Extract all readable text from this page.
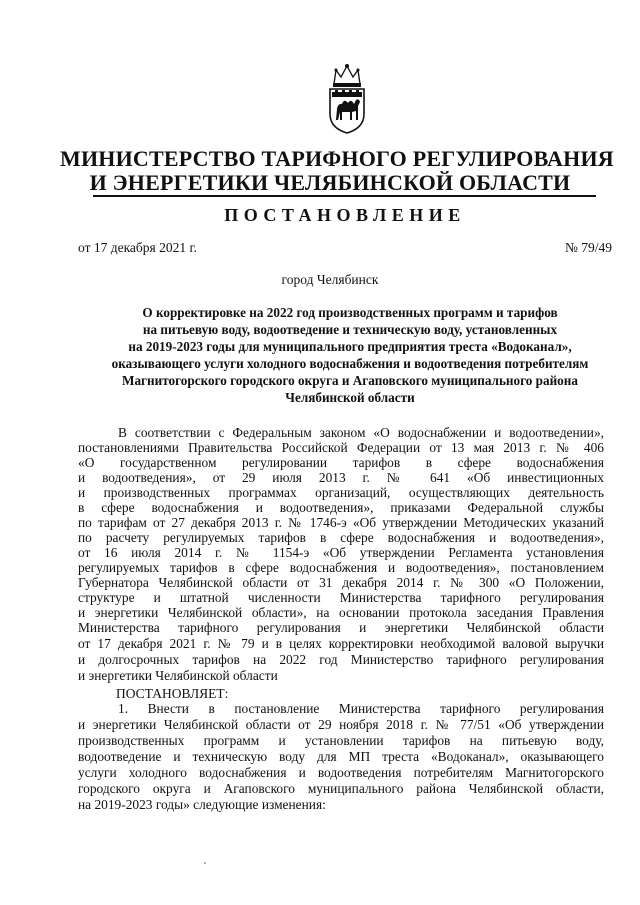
МИНИСТЕРСТВО ТАРИФНОГО РЕГУЛИРОВАНИЯ
И ЭНЕРГЕТИКИ ЧЕЛЯБИНСКОЙ ОБЛАСТИ
ПОСТАНОВЛЕНИЕ
от 17 декабря 2021 г.	№ 79/49
город Челябинск
О корректировке на 2022 год производственных программ и тарифов
на питьевую воду, водоотведение и техническую воду, установленных
на 2019-2023 годы для муниципального предприятия треста «Водоканал»,
оказывающего услуги холодного водоснабжения и водоотведения потребителям
Магнитогорского городского округа и Агаповского муниципального района
Челябинской области
В соответствии с Федеральным законом «О водоснабжении и водоотведении»,
постановлениями Правительства Российской Федерации от 13 мая 2013 г. № 406
«О государственном регулировании тарифов в сфере водоснабжения
и водоотведения», от 29 июля 2013 г. № 641 «Об инвестиционных
и производственных программах организаций, осуществляющих деятельность
в сфере водоснабжения и водоотведения», приказами Федеральной службы
по тарифам от 27 декабря 2013 г. № 1746-э «Об утверждении Методических указаний
по расчету регулируемых тарифов в сфере водоснабжения и водоотведения»,
от 16 июля 2014 г. № 1154-э «Об утверждении Регламента установления
регулируемых тарифов в сфере водоснабжения и водоотведения», постановлением
Губернатора Челябинской области от 31 декабря 2014 г. № 300 «О Положении,
структуре и штатной численности Министерства тарифного регулирования
и энергетики Челябинской области», на основании протокола заседания Правления
Министерства тарифного регулирования и энергетики Челябинской области
от 17 декабря 2021 г. № 79 и в целях корректировки необходимой валовой выручки
и долгосрочных тарифов на 2022 год Министерство тарифного регулирования
и энергетики Челябинской области
ПОСТАНОВЛЯЕТ:
1. Внести в постановление Министерства тарифного регулирования
и энергетики Челябинской области от 29 ноября 2018 г. № 77/51 «Об утверждении
производственных программ и установлении тарифов на питьевую воду,
водоотведение и техническую воду для МП треста «Водоканал», оказывающего
услуги холодного водоснабжения и водоотведения потребителям Магнитогорского
городского округа и Агаповского муниципального района Челябинской области,
на 2019-2023 годы» следующие изменения:
